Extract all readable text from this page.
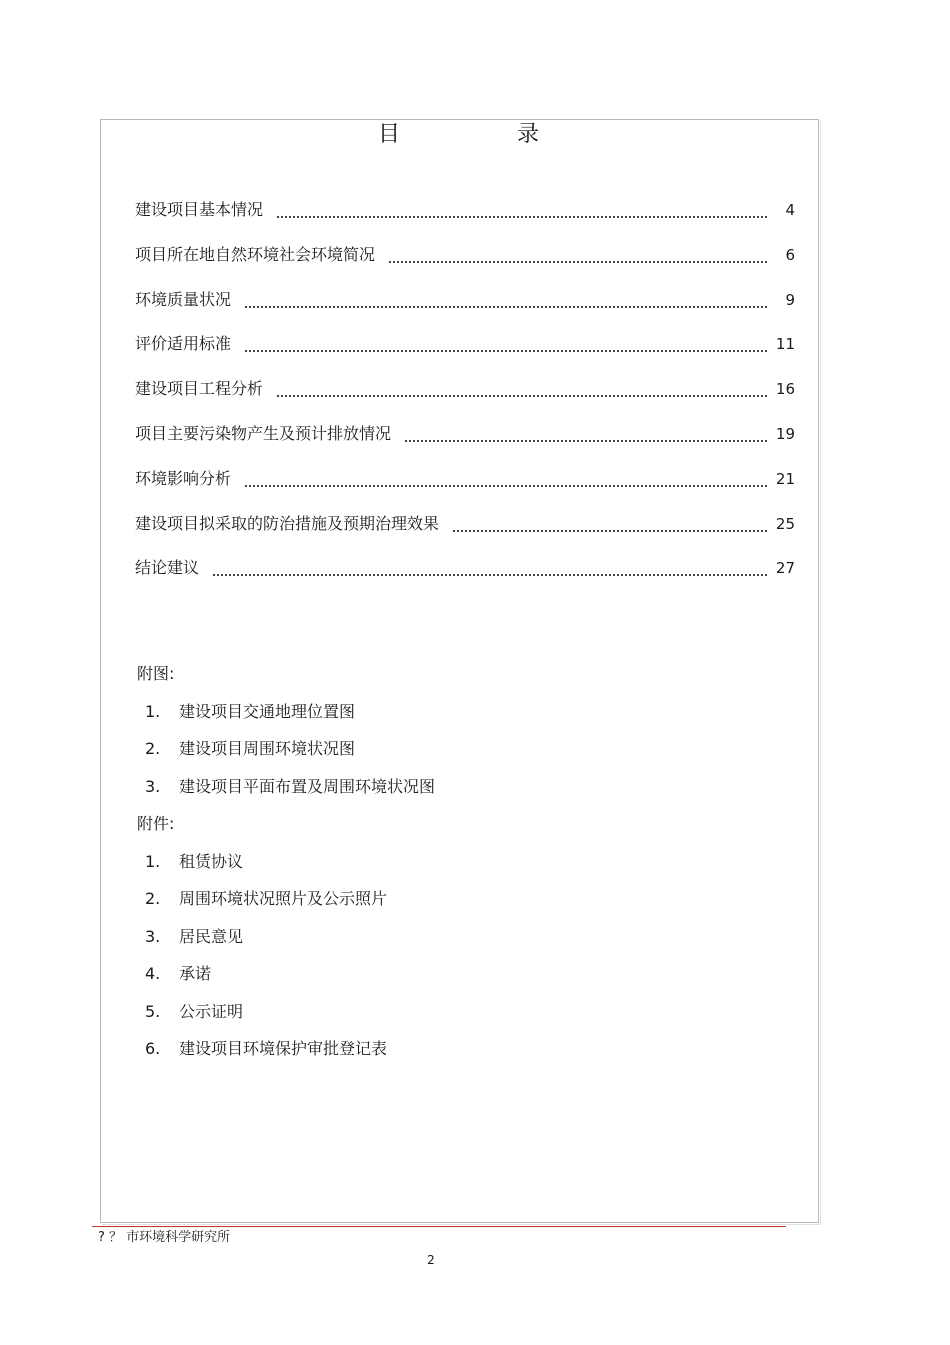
目	录
建设项目基本情况	4
项目所在地自然环境社会环境简况	6
环境质量状况	9
评价适用标准	11
建设项目工程分析	16
项目主要污染物产生及预计排放情况	19
环境影响分析	21
建设项目拟采取的防治措施及预期治理效果	25
结论建议	27
附图:
1.	建设项目交通地理位置图
2.	建设项目周围环境状况图
3.	建设项目平面布置及周围环境状况图
附件:
1.	租赁协议
2.	周围环境状况照片及公示照片
3.	居民意见
4.	承诺
5.	公示证明
6.	建设项目环境保护审批登记表
? ？ 市环境科学研究所
2
